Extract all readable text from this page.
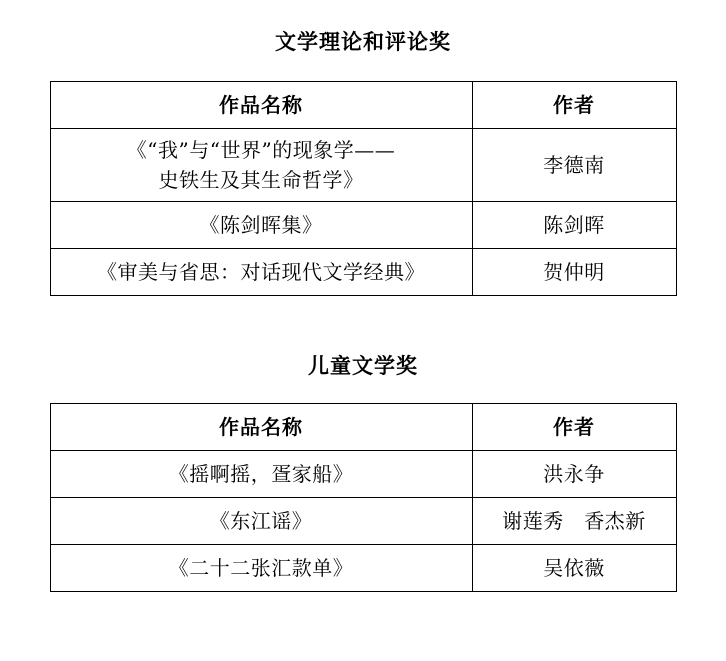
文学理论和评论奖
作品名称	作者

《“我”与“世界”的现象学——
史铁生及其生命哲学》	李德南
《陈剑晖集》	陈剑晖
《审美与省思：对话现代文学经典》	贺仲明
儿童文学奖
作品名称	作者
《摇啊摇，疍家船》	洪永争
《东江谣》	谢莲秀　香杰新
《二十二张汇款单》	吴依薇
